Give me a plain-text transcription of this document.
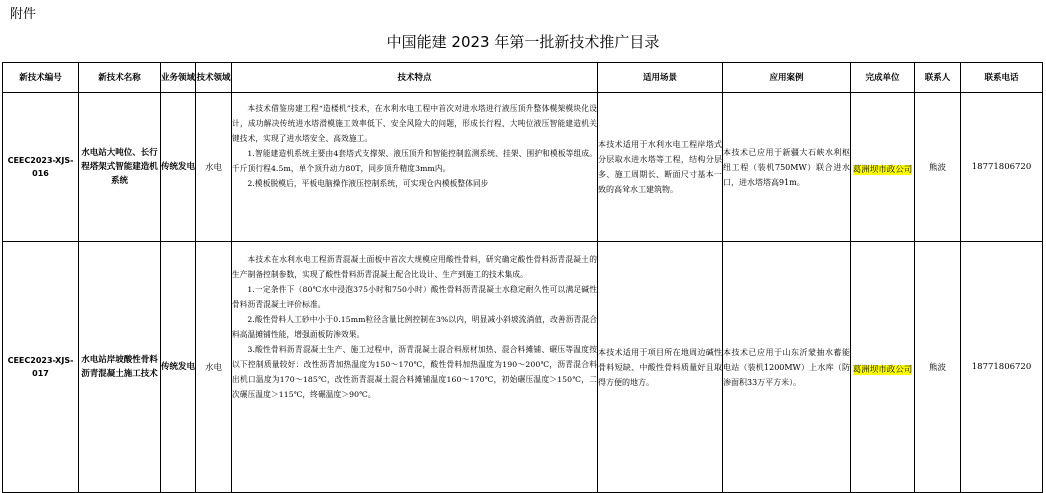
附件
中国能建 2023 年第一批新技术推广目录
新技术编号	新技术名称	业务领域	技术领域	技术特点	适用场景	应用案例	完成单位	联系人	联系电话
CEEC2023-XJS-016	水电站大吨位、长行程塔架式智能建造机系统	传统发电	水电	本技术借鉴房建工程“造楼机”技术，在水利水电工程中首次对进水塔进行液压顶升整体模架模块化设计，成功解决传统进水塔滑模施工效率低下、安全风险大的问题，形成长行程、大吨位液压智能建造机关键技术，实现了进水塔安全、高效施工。
1.智能建造机系统主要由4套塔式支撑架、液压顶升和智能控制监测系统、挂架、围护和模板等组成。千斤顶行程4.5m，单个顶升动力80T，同步顶升精度3mm内。
2.模板脱模后，平板电脑操作液压控制系统，可实现仓内模板整体同步	本技术适用于水利水电工程岸塔式分层取水进水塔等工程，结构分层多、施工周期长、断面尺寸基本一致的高耸水工建筑物。	本技术已应用于新疆大石峡水利枢纽工程（装机750MW）联合进水口，进水塔塔高91m。	葛洲坝市政公司	熊波	18771806720
CEEC2023-XJS-017	水电站岸坡酸性骨料沥青混凝土施工技术	传统发电	水电	本技术在水利水电工程沥青混凝土面板中首次大规模应用酸性骨料，研究确定酸性骨料沥青混凝土的生产制备控制参数，实现了酸性骨料沥青混凝土配合比设计、生产到施工的技术集成。
1.一定条件下（80℃水中浸泡375小时和750小时）酸性骨料沥青混凝土水稳定耐久性可以满足碱性骨料沥青混凝土评价标准。
2.酸性骨料人工砂中小于0.15mm粒径含量比例控制在3%以内，明显减小斜坡流淌值，改善沥青混合料高温摊铺性能，增强面板防渗效果。
3.酸性骨料沥青混凝土生产、施工过程中，沥青混凝土混合料原材加热、混合料摊铺、碾压等温度按以下控制质量较好：改性沥青加热温度为150～170℃，酸性骨料加热温度为190～200℃，沥青混合料出机口温度为170～185℃，改性沥青混凝土混合料摊铺温度160～170℃，初始碾压温度＞150℃，二次碾压温度＞115℃，终碾温度＞90℃。	本技术适用于项目所在地周边碱性骨料短缺、中酸性骨料质量好且取得方便的地方。	本技术已应用于山东沂蒙抽水蓄能电站（装机1200MW）上水库（防渗面积33万平方米）。	葛洲坝市政公司	熊波	18771806720
